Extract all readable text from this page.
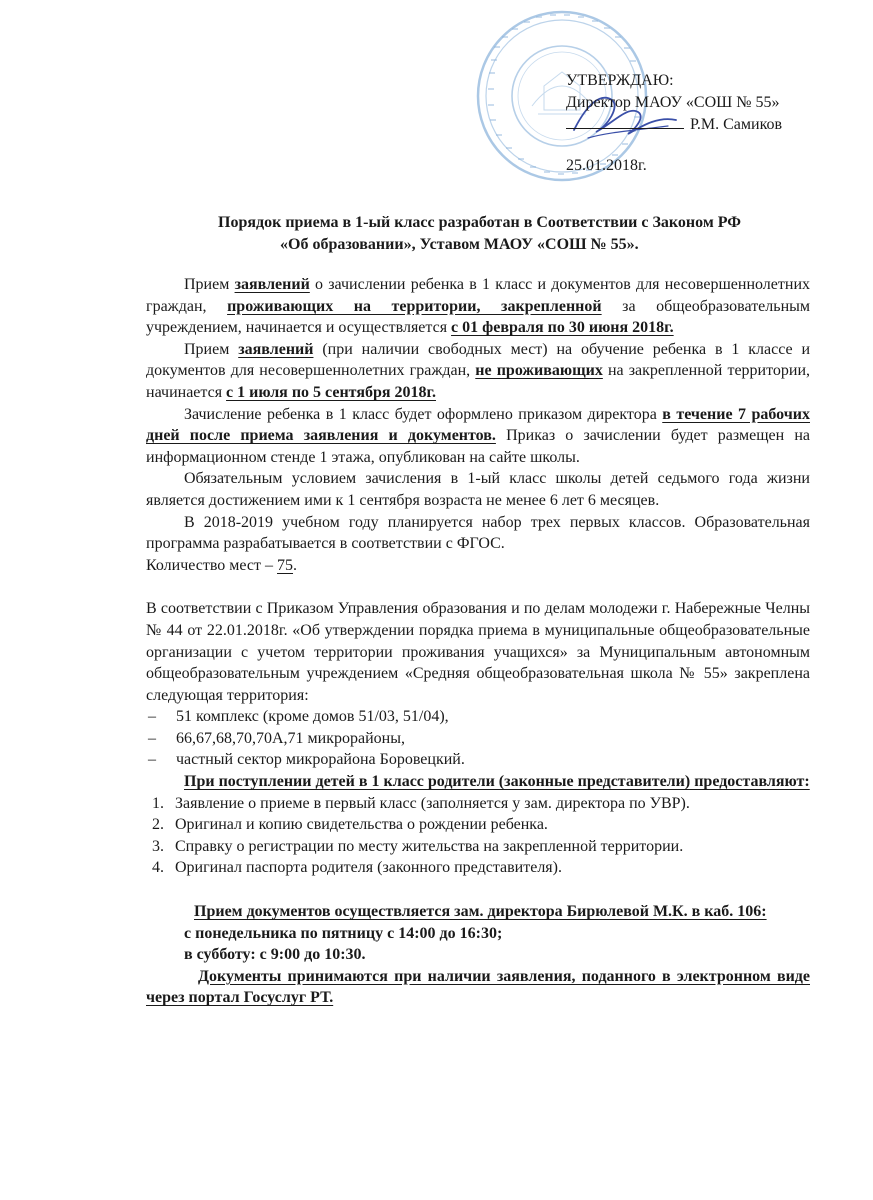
УТВЕРЖДАЮ:
Директор МАОУ «СОШ № 55»
Р.М. Самиков
25.01.2018г.
Порядок приема в 1-ый класс разработан в Соответствии с Законом РФ
«Об образовании», Уставом МАОУ «СОШ № 55».

Прием заявлений о зачислении ребенка в 1 класс и документов для несовершеннолетних граждан, проживающих на территории, закрепленной за общеобразовательным учреждением, начинается и осуществляется с 01 февраля по 30 июня 2018г.

Прием заявлений (при наличии свободных мест) на обучение ребенка в 1 классе и документов для несовершеннолетних граждан, не проживающих на закрепленной территории, начинается с 1 июля по 5 сентября 2018г.

Зачисление ребенка в 1 класс будет оформлено приказом директора в течение 7 рабочих дней после приема заявления и документов. Приказ о зачислении будет размещен на информационном стенде 1 этажа, опубликован на сайте школы.

Обязательным условием зачисления в 1-ый класс школы детей седьмого года жизни является достижением ими к 1 сентября возраста не менее 6 лет 6 месяцев.

В 2018-2019 учебном году планируется набор трех первых классов. Образовательная программа разрабатывается в соответствии с ФГОС.

Количество мест – 75.

В соответствии с Приказом Управления образования и по делам молодежи г. Набережные Челны № 44 от 22.01.2018г. «Об утверждении порядка приема в муниципальные общеобразовательные организации с учетом территории проживания учащихся» за Муниципальным автономным общеобразовательным учреждением «Средняя общеобразовательная школа № 55» закреплена следующая территория:

– 51 комплекс (кроме домов 51/03, 51/04),
– 66,67,68,70,70А,71 микрорайоны,
– частный сектор микрорайона Боровецкий.

При поступлении детей в 1 класс родители (законные представители) предоставляют:

1. Заявление о приеме в первый класс (заполняется у зам. директора по УВР).
2. Оригинал и копию свидетельства о рождении ребенка.
3. Справку о регистрации по месту жительства на закрепленной территории.
4. Оригинал паспорта родителя (законного представителя).
Прием документов осуществляется зам. директора Бирюлевой М.К. в каб. 106:
с понедельника по пятницу с 14:00 до 16:30;
в субботу: с 9:00 до 10:30.

Документы принимаются при наличии заявления, поданного в электронном виде через портал Госуслуг РТ.
